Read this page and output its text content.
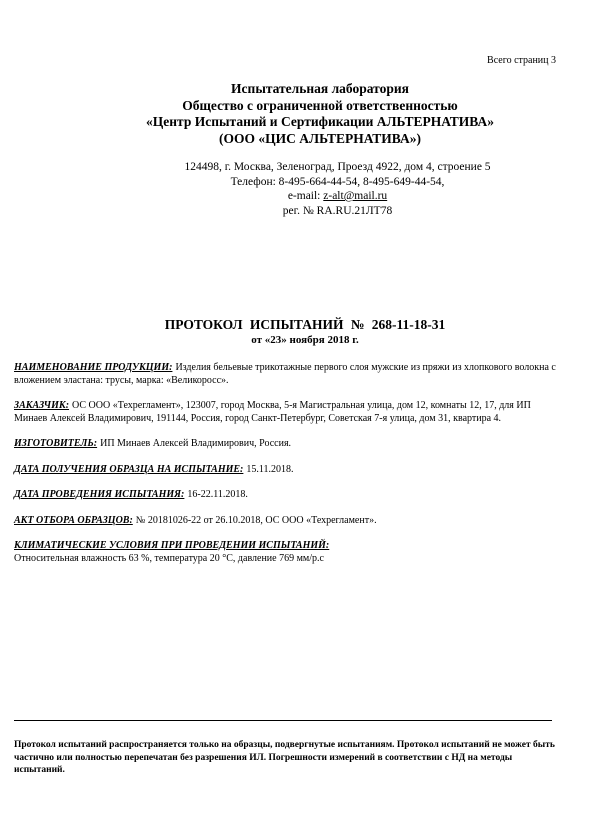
Всего страниц 3
Испытательная лаборатория
Общество с ограниченной ответственностью
«Центр Испытаний и Сертификации АЛЬТЕРНАТИВА»
(ООО «ЦИС АЛЬТЕРНАТИВА»)
124498, г. Москва, Зеленоград, Проезд 4922, дом 4, строение 5
Телефон: 8-495-664-44-54, 8-495-649-44-54,
e-mail: z-alt@mail.ru
рег. № RA.RU.21ЛТ78
ПРОТОКОЛ ИСПЫТАНИЙ № 268-11-18-31
от «23» ноября 2018 г.
НАИМЕНОВАНИЕ ПРОДУКЦИИ: Изделия бельевые трикотажные первого слоя мужские из пряжи из хлопкового волокна с вложением эластана: трусы, марка: «Великоросс».
ЗАКАЗЧИК: ОС ООО «Техрегламент», 123007, город Москва, 5-я Магистральная улица, дом 12, комнаты 12, 17, для ИП Минаев Алексей Владимирович, 191144, Россия, город Санкт-Петербург, Советская 7-я улица, дом 31, квартира 4.
ИЗГОТОВИТЕЛЬ: ИП Минаев Алексей Владимирович, Россия.
ДАТА ПОЛУЧЕНИЯ ОБРАЗЦА НА ИСПЫТАНИЕ: 15.11.2018.
ДАТА ПРОВЕДЕНИЯ ИСПЫТАНИЯ: 16-22.11.2018.
АКТ ОТБОРА ОБРАЗЦОВ: № 20181026-22 от 26.10.2018, ОС ООО «Техрегламент».
КЛИМАТИЧЕСКИЕ УСЛОВИЯ ПРИ ПРОВЕДЕНИИ ИСПЫТАНИЙ:
Относительная влажность 63 %, температура 20 °С, давление 769 мм/р.с
Протокол испытаний распространяется только на образцы, подвергнутые испытаниям. Протокол испытаний не может быть частично или полностью перепечатан без разрешения ИЛ. Погрешности измерений в соответствии с НД на методы испытаний.
